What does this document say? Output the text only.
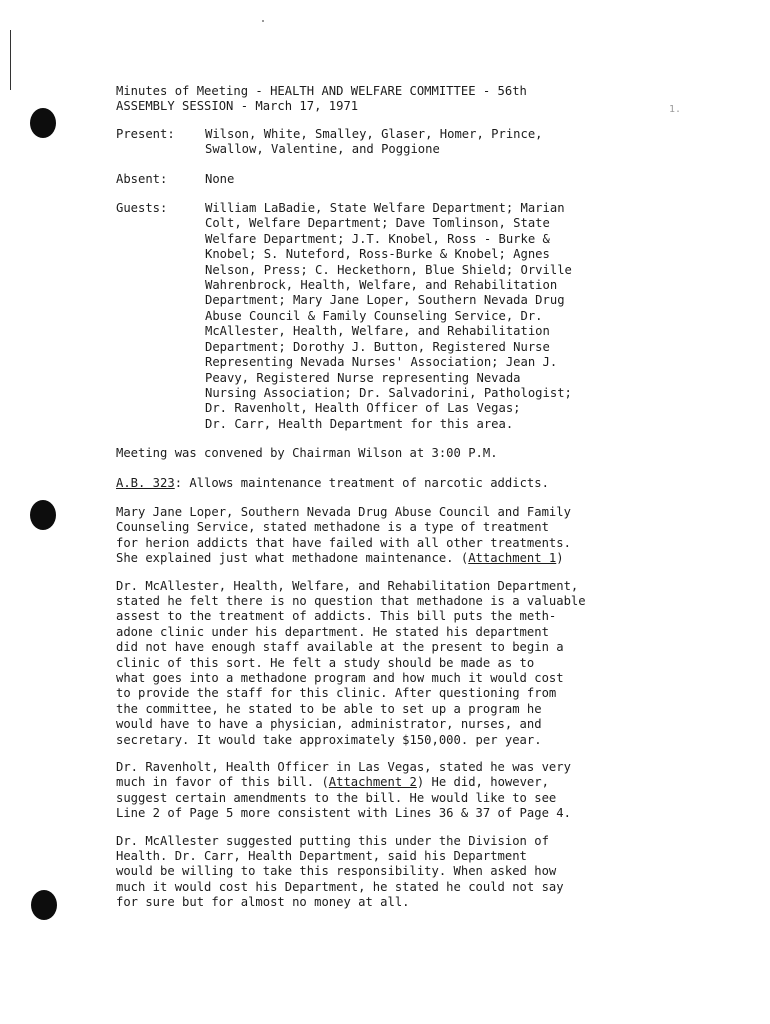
1.
Minutes of Meeting - HEALTH AND WELFARE COMMITTEE - 56th
ASSEMBLY SESSION - March 17, 1971
Present:	Wilson, White, Smalley, Glaser, Homer, Prince,
Swallow, Valentine, and Poggione
Absent:	None
Guests:	William LaBadie, State Welfare Department; Marian
Colt, Welfare Department; Dave Tomlinson, State
Welfare Department; J.T. Knobel, Ross - Burke &
Knobel; S. Nuteford, Ross-Burke & Knobel; Agnes
Nelson, Press; C. Heckethorn, Blue Shield; Orville
Wahrenbrock, Health, Welfare, and Rehabilitation
Department; Mary Jane Loper, Southern Nevada Drug
Abuse Council & Family Counseling Service, Dr.
McAllester, Health, Welfare, and Rehabilitation
Department; Dorothy J. Button, Registered Nurse
Representing Nevada Nurses' Association; Jean J.
Peavy, Registered Nurse representing Nevada
Nursing Association; Dr. Salvadorini, Pathologist;
Dr. Ravenholt, Health Officer of Las Vegas;
Dr. Carr, Health Department for this area.
Meeting was convened by Chairman Wilson at 3:00 P.M.
A.B. 323: Allows maintenance treatment of narcotic addicts.
Mary Jane Loper, Southern Nevada Drug Abuse Council and Family
Counseling Service, stated methadone is a type of treatment
for herion addicts that have failed with all other treatments.
She explained just what methadone maintenance. (Attachment 1)
Dr. McAllester, Health, Welfare, and Rehabilitation Department,
stated he felt there is no question that methadone is a valuable
assest to the treatment of addicts. This bill puts the meth-
adone clinic under his department. He stated his department
did not have enough staff available at the present to begin a
clinic of this sort. He felt a study should be made as to
what goes into a methadone program and how much it would cost
to provide the staff for this clinic. After questioning from
the committee, he stated to be able to set up a program he
would have to have a physician, administrator, nurses, and
secretary. It would take approximately $150,000. per year.
Dr. Ravenholt, Health Officer in Las Vegas, stated he was very
much in favor of this bill. (Attachment 2) He did, however,
suggest certain amendments to the bill. He would like to see
Line 2 of Page 5 more consistent with Lines 36 & 37 of Page 4.
Dr. McAllester suggested putting this under the Division of
Health. Dr. Carr, Health Department, said his Department
would be willing to take this responsibility. When asked how
much it would cost his Department, he stated he could not say
for sure but for almost no money at all.
